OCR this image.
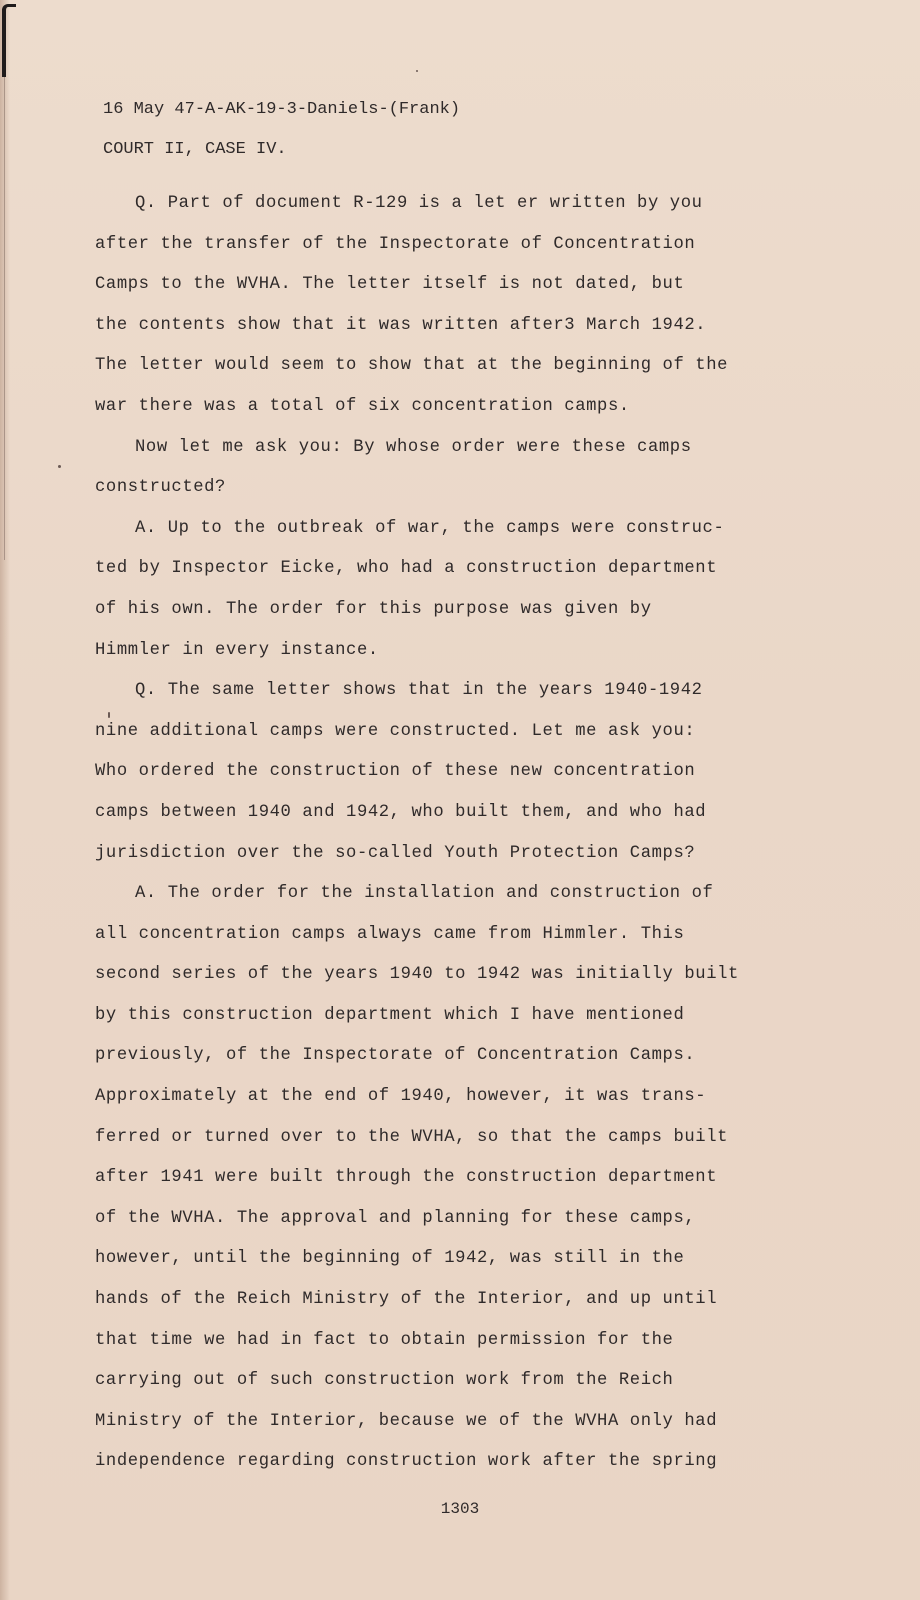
16 May 47-A-AK-19-3-Daniels-(Frank)
COURT II, CASE IV.
Q. Part of document R-129 is a let er written by you
after the transfer of the Inspectorate of Concentration
Camps to the WVHA. The letter itself is not dated, but
the contents show that it was written after3 March 1942.
The letter would seem to show that at the beginning of the
war there was a total of six concentration camps.
Now let me ask you: By whose order were these camps
constructed?
A. Up to the outbreak of war, the camps were construc-
ted by Inspector Eicke, who had a construction department
of his own. The order for this purpose was given by
Himmler in every instance.
Q. The same letter shows that in the years 1940-1942
nine additional camps were constructed. Let me ask you:
Who ordered the construction of these new concentration
camps between 1940 and 1942, who built them, and who had
jurisdiction over the so-called Youth Protection Camps?
A. The order for the installation and construction of
all concentration camps always came from Himmler. This
second series of the years 1940 to 1942 was initially built
by this construction department which I have mentioned
previously, of the Inspectorate of Concentration Camps.
Approximately at the end of 1940, however, it was trans-
ferred or turned over to the WVHA, so that the camps built
after 1941 were built through the construction department
of the WVHA. The approval and planning for these camps,
however, until the beginning of 1942, was still in the
hands of the Reich Ministry of the Interior, and up until
that time we had in fact to obtain permission for the
carrying out of such construction work from the Reich
Ministry of the Interior, because we of the WVHA only had
independence regarding construction work after the spring
1303
